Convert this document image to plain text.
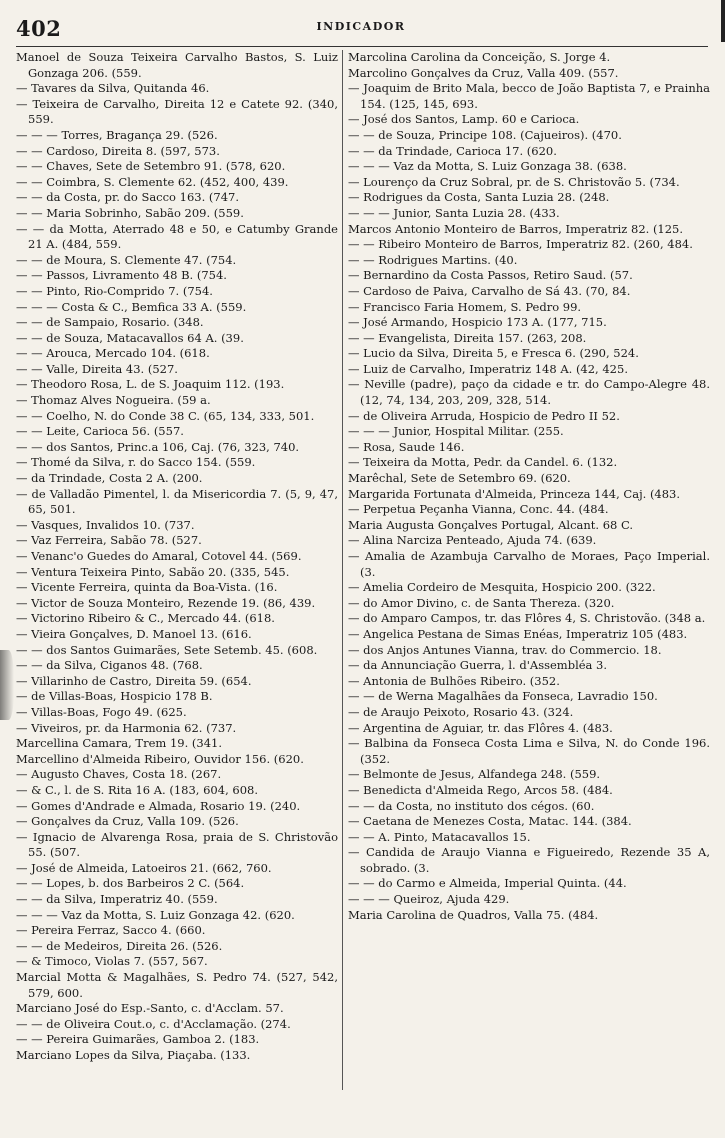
402	INDICADOR
Manoel de Souza Teixeira Carvalho Bastos, S. Luiz Gonzaga 206. (559.
— Tavares da Silva, Quitanda 46.
— Teixeira de Carvalho, Direita 12 e Catete 92. (340, 559.
— — — Torres, Bragança 29. (526.
— — Cardoso, Direita 8. (597, 573.
— — Chaves, Sete de Setembro 91. (578, 620.
— — Coimbra, S. Clemente 62. (452, 400, 439.
— — da Costa, pr. do Sacco 163. (747.
— — Maria Sobrinho, Sabão 209. (559.
— — da Motta, Aterrado 48 e 50, e Catumby Grande 21 A. (484, 559.
— — de Moura, S. Clemente 47. (754.
— — Passos, Livramento 48 B. (754.
— — Pinto, Rio-Comprido 7. (754.
— — — Costa & C., Bemfica 33 A. (559.
— — de Sampaio, Rosario. (348.
— — de Souza, Matacavallos 64 A. (39.
— — Arouca, Mercado 104. (618.
— — Valle, Direita 43. (527.
— Theodoro Rosa, L. de S. Joaquim 112. (193.
— Thomaz Alves Nogueira. (59 a.
— — Coelho, N. do Conde 38 C. (65, 134, 333, 501.
— — Leite, Carioca 56. (557.
— — dos Santos, Princ.a 106, Caj. (76, 323, 740.
— Thomé da Silva, r. do Sacco 154. (559.
— da Trindade, Costa 2 A. (200.
— de Valladão Pimentel, l. da Misericordia 7. (5, 9, 47, 65, 501.
— Vasques, Invalidos 10. (737.
— Vaz Ferreira, Sabão 78. (527.
— Venanc'o Guedes do Amaral, Cotovel 44. (569.
— Ventura Teixeira Pinto, Sabão 20. (335, 545.
— Vicente Ferreira, quinta da Boa-Vista. (16.
— Victor de Souza Monteiro, Rezende 19. (86, 439.
— Victorino Ribeiro & C., Mercado 44. (618.
— Vieira Gonçalves, D. Manoel 13. (616.
— — dos Santos Guimarães, Sete Setemb. 45. (608.
— — da Silva, Ciganos 48. (768.
— Villarinho de Castro, Direita 59. (654.
— de Villas-Boas, Hospicio 178 B.
— Villas-Boas, Fogo 49. (625.
— Viveiros, pr. da Harmonia 62. (737.
Marcellina Camara, Trem 19. (341.
Marcellino d'Almeida Ribeiro, Ouvidor 156. (620.
— Augusto Chaves, Costa 18. (267.
— & C., l. de S. Rita 16 A. (183, 604, 608.
— Gomes d'Andrade e Almada, Rosario 19. (240.
— Gonçalves da Cruz, Valla 109. (526.
— Ignacio de Alvarenga Rosa, praia de S. Christovão 55. (507.
— José de Almeida, Latoeiros 21. (662, 760.
— — Lopes, b. dos Barbeiros 2 C. (564.
— — da Silva, Imperatriz 40. (559.
— — — Vaz da Motta, S. Luiz Gonzaga 42. (620.
— Pereira Ferraz, Sacco 4. (660.
— — de Medeiros, Direita 26. (526.
— & Timoco, Violas 7. (557, 567.
Marcial Motta & Magalhães, S. Pedro 74. (527, 542, 579, 600.
Marciano José do Esp.-Santo, c. d'Acclam. 57.
— — de Oliveira Cout.o, c. d'Acclamação. (274.
— — Pereira Guimarães, Gamboa 2. (183.
Marciano Lopes da Silva, Piaçaba. (133.
Marcolina Carolina da Conceição, S. Jorge 4.
Marcolino Gonçalves da Cruz, Valla 409. (557.
— Joaquim de Brito Mala, becco de João Baptista 7, e Prainha 154. (125, 145, 693.
— José dos Santos, Lamp. 60 e Carioca.
— — de Souza, Principe 108. (Cajueiros). (470.
— — da Trindade, Carioca 17. (620.
— — — Vaz da Motta, S. Luiz Gonzaga 38. (638.
— Lourenço da Cruz Sobral, pr. de S. Christovão 5. (734.
— Rodrigues da Costa, Santa Luzia 28. (248.
— — — Junior, Santa Luzia 28. (433.
Marcos Antonio Monteiro de Barros, Imperatriz 82. (125.
— — Ribeiro Monteiro de Barros, Imperatriz 82. (260, 484.
— — Rodrigues Martins. (40.
— Bernardino da Costa Passos, Retiro Saud. (57.
— Cardoso de Paiva, Carvalho de Sá 43. (70, 84.
— Francisco Faria Homem, S. Pedro 99.
— José Armando, Hospicio 173 A. (177, 715.
— — Evangelista, Direita 157. (263, 208.
— Lucio da Silva, Direita 5, e Fresca 6. (290, 524.
— Luiz de Carvalho, Imperatriz 148 A. (42, 425.
— Neville (padre), paço da cidade e tr. do Campo-Alegre 48. (12, 74, 134, 203, 209, 328, 514.
— de Oliveira Arruda, Hospicio de Pedro II 52.
— — — Junior, Hospital Militar. (255.
— Rosa, Saude 146.
— Teixeira da Motta, Pedr. da Candel. 6. (132.
Marêchal, Sete de Setembro 69. (620.
Margarida Fortunata d'Almeida, Princeza 144, Caj. (483.
— Perpetua Peçanha Vianna, Conc. 44. (484.
Maria Augusta Gonçalves Portugal, Alcant. 68 C.
— Alina Narciza Penteado, Ajuda 74. (639.
— Amalia de Azambuja Carvalho de Moraes, Paço Imperial. (3.
— Amelia Cordeiro de Mesquita, Hospicio 200. (322.
— do Amor Divino, c. de Santa Thereza. (320.
— do Amparo Campos, tr. das Flôres 4, S. Christovão. (348 a.
— Angelica Pestana de Simas Enéas, Imperatriz 105 (483.
— dos Anjos Antunes Vianna, trav. do Commercio. 18.
— da Annunciação Guerra, l. d'Assembléa 3.
— Antonia de Bulhões Ribeiro. (352.
— — de Werna Magalhães da Fonseca, Lavradio 150.
— de Araujo Peixoto, Rosario 43. (324.
— Argentina de Aguiar, tr. das Flôres 4. (483.
— Balbina da Fonseca Costa Lima e Silva, N. do Conde 196. (352.
— Belmonte de Jesus, Alfandega 248. (559.
— Benedicta d'Almeida Rego, Arcos 58. (484.
— — da Costa, no instituto dos cégos. (60.
— Caetana de Menezes Costa, Matac. 144. (384.
— — A. Pinto, Matacavallos 15.
— Candida de Araujo Vianna e Figueiredo, Rezende 35 A, sobrado. (3.
— — do Carmo e Almeida, Imperial Quinta. (44.
— — — Queiroz, Ajuda 429.
Maria Carolina de Quadros, Valla 75. (484.
